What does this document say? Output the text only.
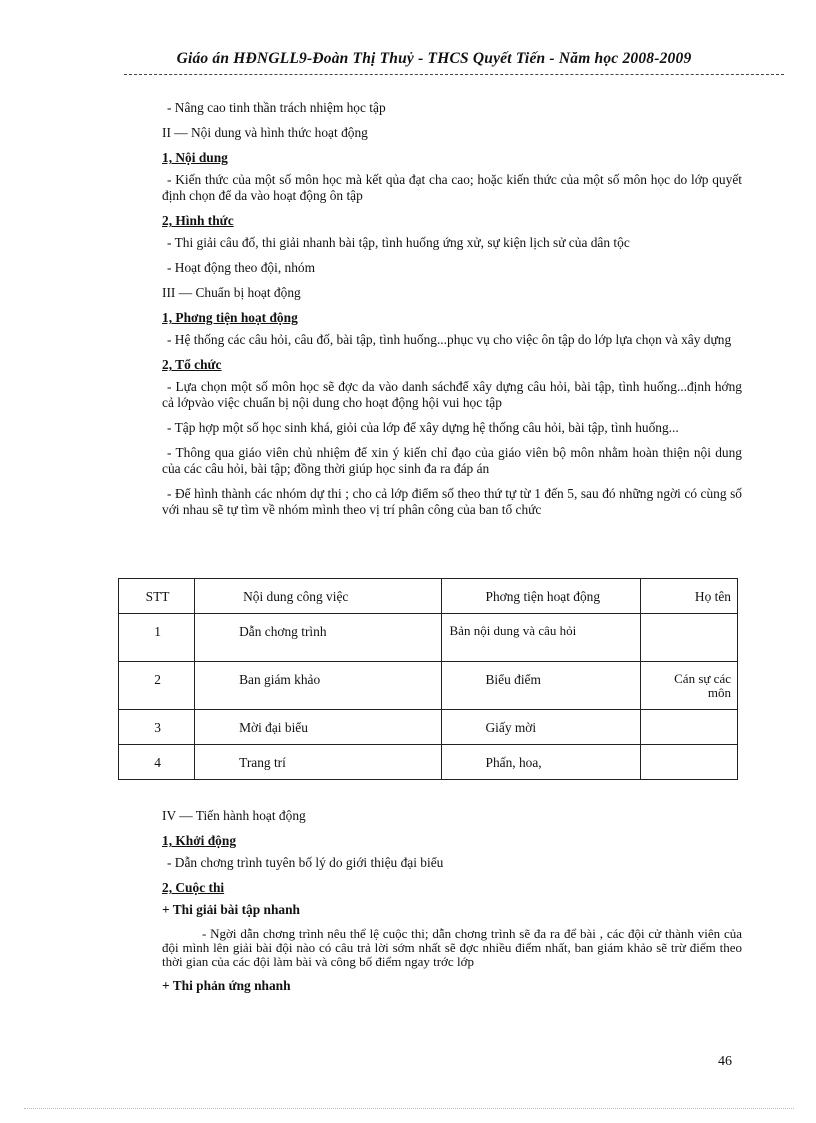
Giáo án HĐNGLL9-Đoàn Thị Thuỷ - THCS Quyết Tiến - Năm học 2008-2009

- Nâng cao tinh thần trách nhiệm học tập

II — Nội dung và hình thức hoạt động

1, Nội dung

- Kiến thức của một số môn học mà kết qủa đạt cha cao; hoặc kiến thức của một số môn học do lớp quyết định chọn để da vào hoạt động ôn tập

2, Hình thức

- Thi giải câu đố, thi giải nhanh bài tập, tình huống ứng xử, sự kiện lịch sử của dân tộc

- Hoạt động theo đội, nhóm

III — Chuẩn bị hoạt động

1, Phơng tiện hoạt động

- Hệ thống các câu hỏi, câu đố, bài tập, tình huống...phục vụ cho việc ôn tập do lớp lựa chọn và xây dựng

2, Tổ chức

- Lựa chọn một số môn học sẽ đợc da vào danh sáchđể xây dựng câu hỏi, bài tập, tình huống...định hớng cả lớpvào việc chuẩn bị nội dung cho hoạt động hội vui học tập

- Tập hợp một số học sinh khá, giỏi của lớp để xây dựng hệ thống câu hỏi, bài tập, tình huống...

- Thông qua giáo viên chủ nhiệm để xin ý kiến chỉ đạo của giáo viên bộ môn nhằm hoàn thiện nội dung của các câu hỏi, bài tập; đồng thời giúp học sinh đa ra đáp án

- Để hình thành các nhóm dự thi ; cho cả lớp điểm số theo thứ tự từ 1 đến 5, sau đó những ngời có cùng số với nhau sẽ tự tìm về nhóm mình theo vị trí phân công của ban tổ chức

STT	Nội dung công việc	Phơng tiện hoạt động	Họ tên

1	Dẫn chơng trình	Bản nội dung và câu hỏi	

2	Ban giám khảo	Biểu điểm	Cán sự các môn

3	Mời đại biểu	Giấy mời	

4	Trang trí	Phấn, hoa,	

IV — Tiến hành hoạt động

1, Khởi động

- Dẫn chơng trình tuyên bố lý do giới thiệu đại biểu

2, Cuộc thi

+ Thi giải bài tập nhanh

- Ngời dẫn chơng trình nêu thể lệ cuộc thi; dẫn chơng trình sẽ đa ra để bài , các đội cử thành viên của đội mình lên giải bài đội nào có câu trả lời sớm nhất sẽ đợc nhiều điểm nhất, ban giám khảo sẽ trừ điểm theo thời gian của các đội làm bài và công bố điểm ngay trớc lớp

+ Thi phản ứng nhanh

46
